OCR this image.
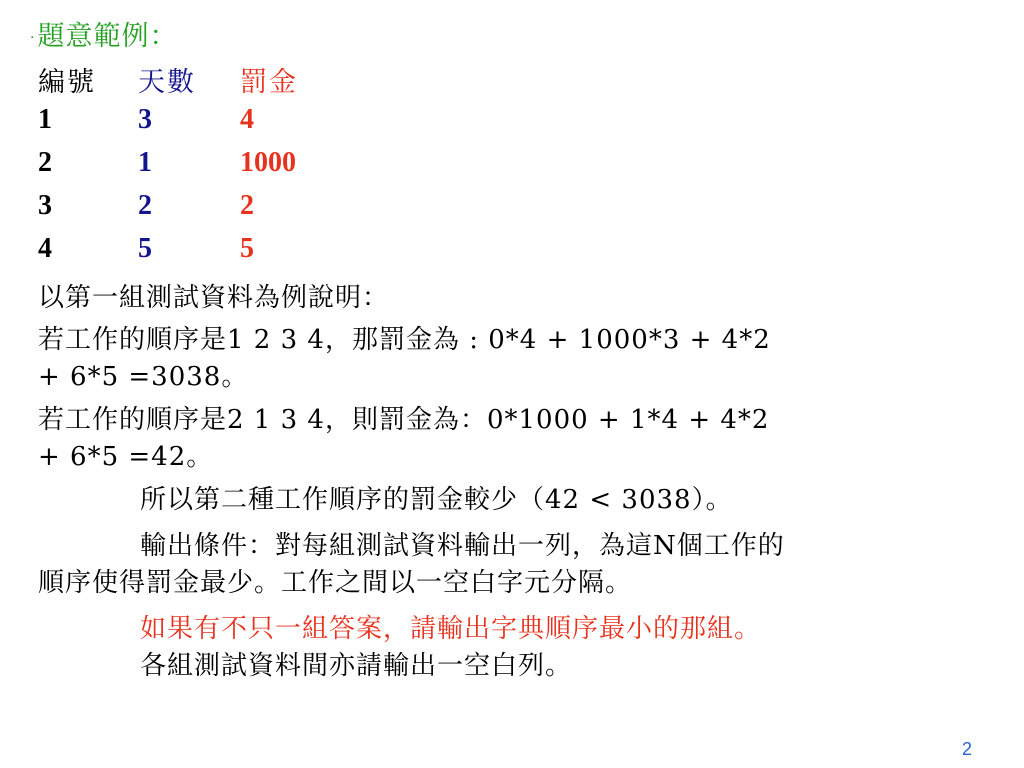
·題意範例：
編號 天數 罰金
1	3	4
2	1	1000
3	2	2
4	5	5
以第一組測試資料為例說明：
若工作的順序是1 2 3 4，那罰金為 : 0*4 + 1000*3 + 4*2
+ 6*5 =3038。
若工作的順序是2 1 3 4，則罰金為：0*1000 + 1*4 + 4*2
+ 6*5 =42。
所以第二種工作順序的罰金較少（42 < 3038）。
輸出條件：對每組測試資料輸出一列，為這N個工作的
順序使得罰金最少。工作之間以一空白字元分隔。
如果有不只一組答案，請輸出字典順序最小的那組。
各組測試資料間亦請輸出一空白列。
2
